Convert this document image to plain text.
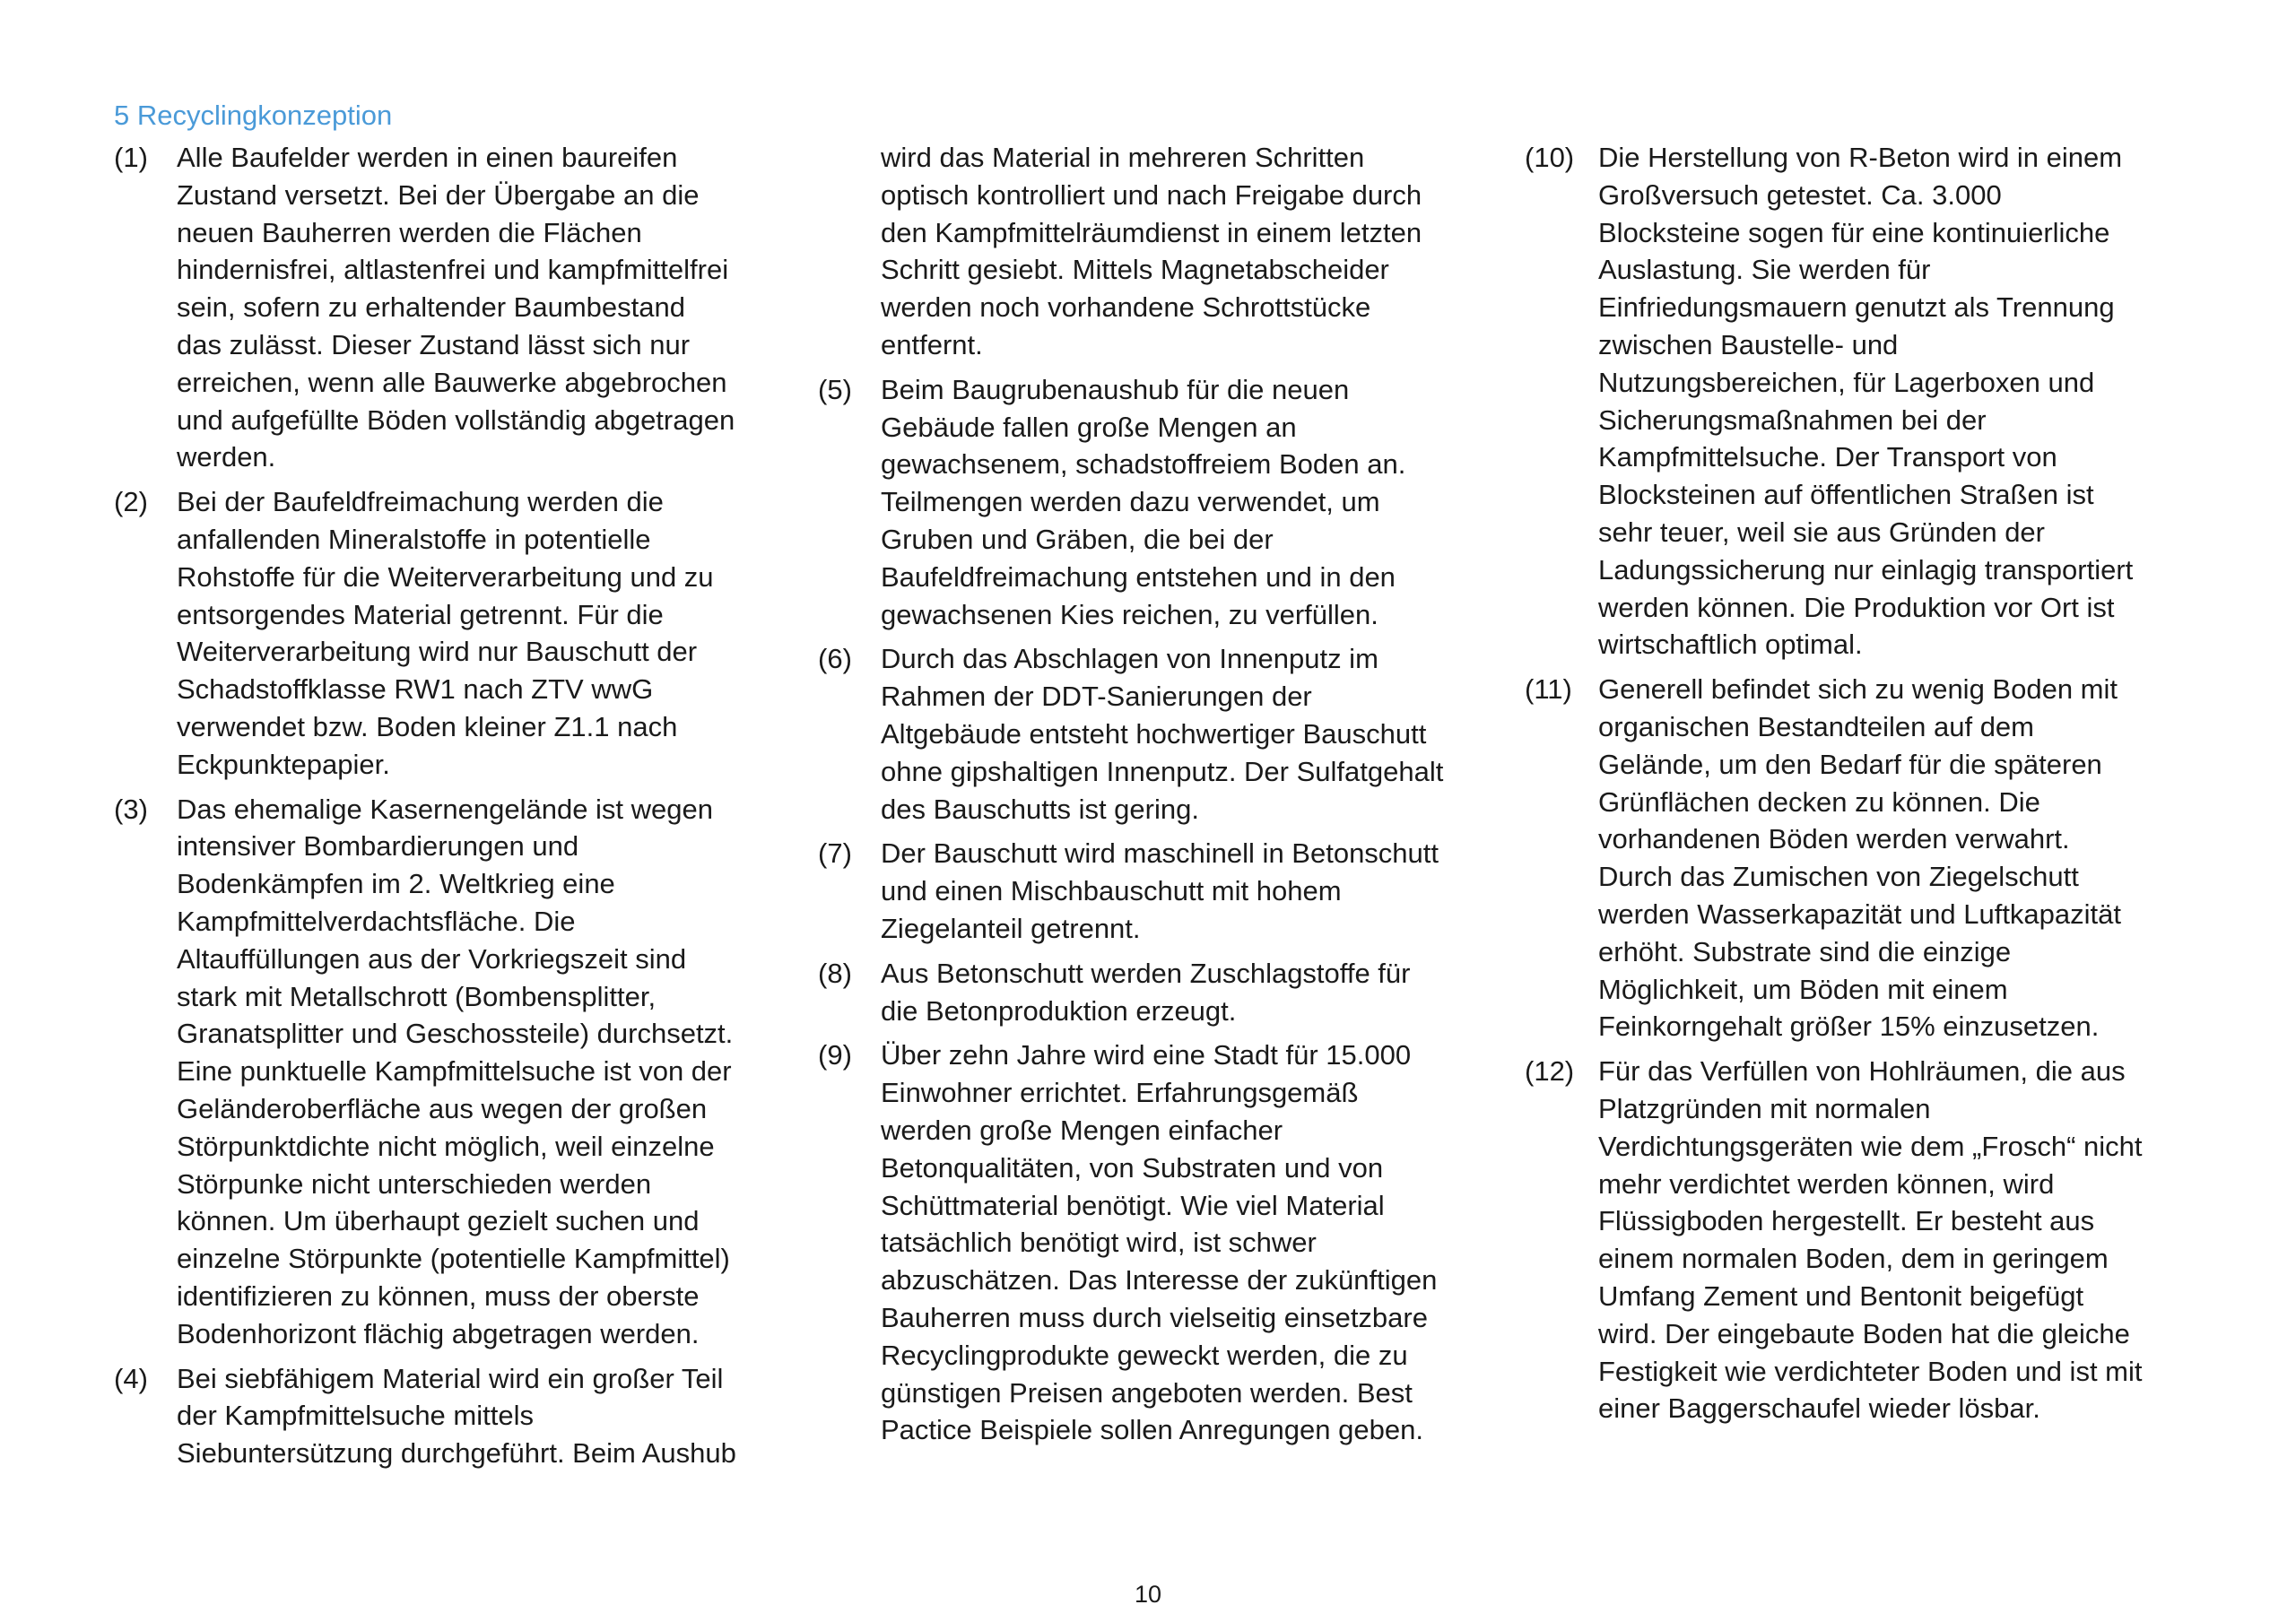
5 Recyclingkonzeption
(1) Alle Baufelder werden in einen baureifen
Zustand versetzt. Bei der Übergabe an die
neuen Bauherren werden die Flächen
hindernisfrei, altlastenfrei und kampfmittelfrei
sein, sofern zu erhaltender Baumbestand
das zulässt. Dieser Zustand lässt sich nur
erreichen, wenn alle Bauwerke abgebrochen
und aufgefüllte Böden vollständig abgetragen
werden.
(2) Bei der Baufeldfreimachung werden die
anfallenden Mineralstoffe in potentielle
Rohstoffe für die Weiterverarbeitung und zu
entsorgendes Material getrennt. Für die
Weiterverarbeitung wird nur Bauschutt der
Schadstoffklasse RW1 nach ZTV wwG
verwendet bzw. Boden kleiner Z1.1 nach
Eckpunktepapier.
(3) Das ehemalige Kasernengelände ist wegen
intensiver Bombardierungen und
Bodenkämpfen im 2. Weltkrieg eine
Kampfmittelverdachtsfläche. Die
Altauffüllungen aus der Vorkriegszeit sind
stark mit Metallschrott (Bombensplitter,
Granatsplitter und Geschossteile) durchsetzt.
Eine punktuelle Kampfmittelsuche ist von der
Geländeroberfläche aus wegen der großen
Störpunktdichte nicht möglich, weil einzelne
Störpunke nicht unterschieden werden
können. Um überhaupt gezielt suchen und
einzelne Störpunkte (potentielle Kampfmittel)
identifizieren zu können, muss der oberste
Bodenhorizont flächig abgetragen werden.
(4) Bei siebfähigem Material wird ein großer Teil
der Kampfmittelsuche mittels
Siebuntersützung durchgeführt. Beim Aushub
wird das Material in mehreren Schritten
optisch kontrolliert und nach Freigabe durch
den Kampfmittelräumdienst in einem letzten
Schritt gesiebt. Mittels Magnetabscheider
werden noch vorhandene Schrottstücke
entfernt.
(5) Beim Baugrubenaushub für die neuen
Gebäude fallen große Mengen an
gewachsenem, schadstoffreiem Boden an.
Teilmengen werden dazu verwendet, um
Gruben und Gräben, die bei der
Baufeldfreimachung entstehen und in den
gewachsenen Kies reichen, zu verfüllen.
(6) Durch das Abschlagen von Innenputz im
Rahmen der DDT-Sanierungen der
Altgebäude entsteht hochwertiger Bauschutt
ohne gipshaltigen Innenputz. Der Sulfatgehalt
des Bauschutts ist gering.
(7) Der Bauschutt wird maschinell in Betonschutt
und einen Mischbauschutt mit hohem
Ziegelanteil getrennt.
(8) Aus Betonschutt werden Zuschlagstoffe für
die Betonproduktion erzeugt.
(9) Über zehn Jahre wird eine Stadt für 15.000
Einwohner errichtet. Erfahrungsgemäß
werden große Mengen einfacher
Betonqualitäten, von Substraten und von
Schüttmaterial benötigt. Wie viel Material
tatsächlich benötigt wird, ist schwer
abzuschätzen. Das Interesse der zukünftigen
Bauherren muss durch vielseitig einsetzbare
Recyclingprodukte geweckt werden, die zu
günstigen Preisen angeboten werden. Best
Pactice Beispiele sollen Anregungen geben.
(10) Die Herstellung von R-Beton wird in einem
Großversuch getestet. Ca. 3.000
Blocksteine sogen für eine kontinuierliche
Auslastung. Sie werden für
Einfriedungsmauern genutzt als Trennung
zwischen Baustelle- und
Nutzungsbereichen, für Lagerboxen und
Sicherungsmaßnahmen bei der
Kampfmittelsuche. Der Transport von
Blocksteinen auf öffentlichen Straßen ist
sehr teuer, weil sie aus Gründen der
Ladungssicherung nur einlagig transportiert
werden können. Die Produktion vor Ort ist
wirtschaftlich optimal.
(11) Generell befindet sich zu wenig Boden mit
organischen Bestandteilen auf dem
Gelände, um den Bedarf für die späteren
Grünflächen decken zu können. Die
vorhandenen Böden werden verwahrt.
Durch das Zumischen von Ziegelschutt
werden Wasserkapazität und Luftkapazität
erhöht. Substrate sind die einzige
Möglichkeit, um Böden mit einem
Feinkorngehalt größer 15% einzusetzen.
(12) Für das Verfüllen von Hohlräumen, die aus
Platzgründen mit normalen
Verdichtungsgeräten wie dem „Frosch“ nicht
mehr verdichtet werden können, wird
Flüssigboden hergestellt. Er besteht aus
einem normalen Boden, dem in geringem
Umfang Zement und Bentonit beigefügt
wird. Der eingebaute Boden hat die gleiche
Festigkeit wie verdichteter Boden und ist mit
einer Baggerschaufel wieder lösbar.
10
